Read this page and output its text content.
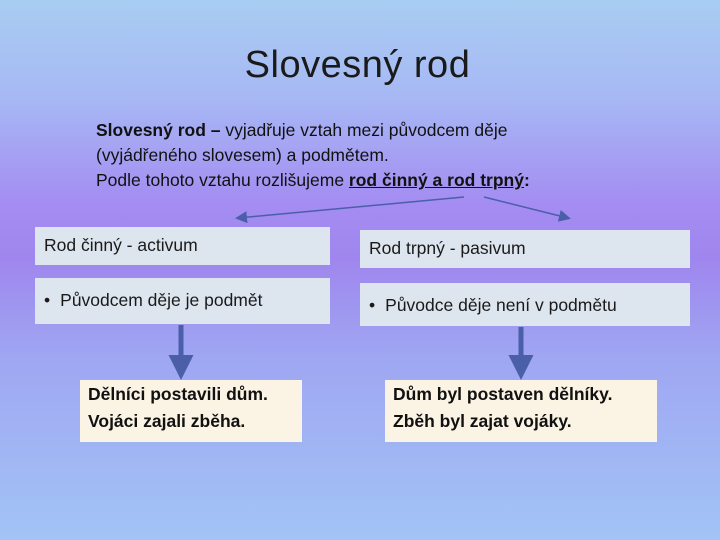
Slovesný rod
Slovesný rod – vyjadřuje vztah mezi původcem děje
(vyjádřeného slovesem) a podmětem.
Podle tohoto vztahu rozlišujeme rod činný a rod trpný:
Rod činný - activum	Rod trpný - pasivum
• Původcem děje je podmět	• Původce děje není v podmětu
Dělníci postavili dům.
Vojáci zajali zběha.
Dům byl postaven dělníky.
Zběh byl zajat vojáky.
